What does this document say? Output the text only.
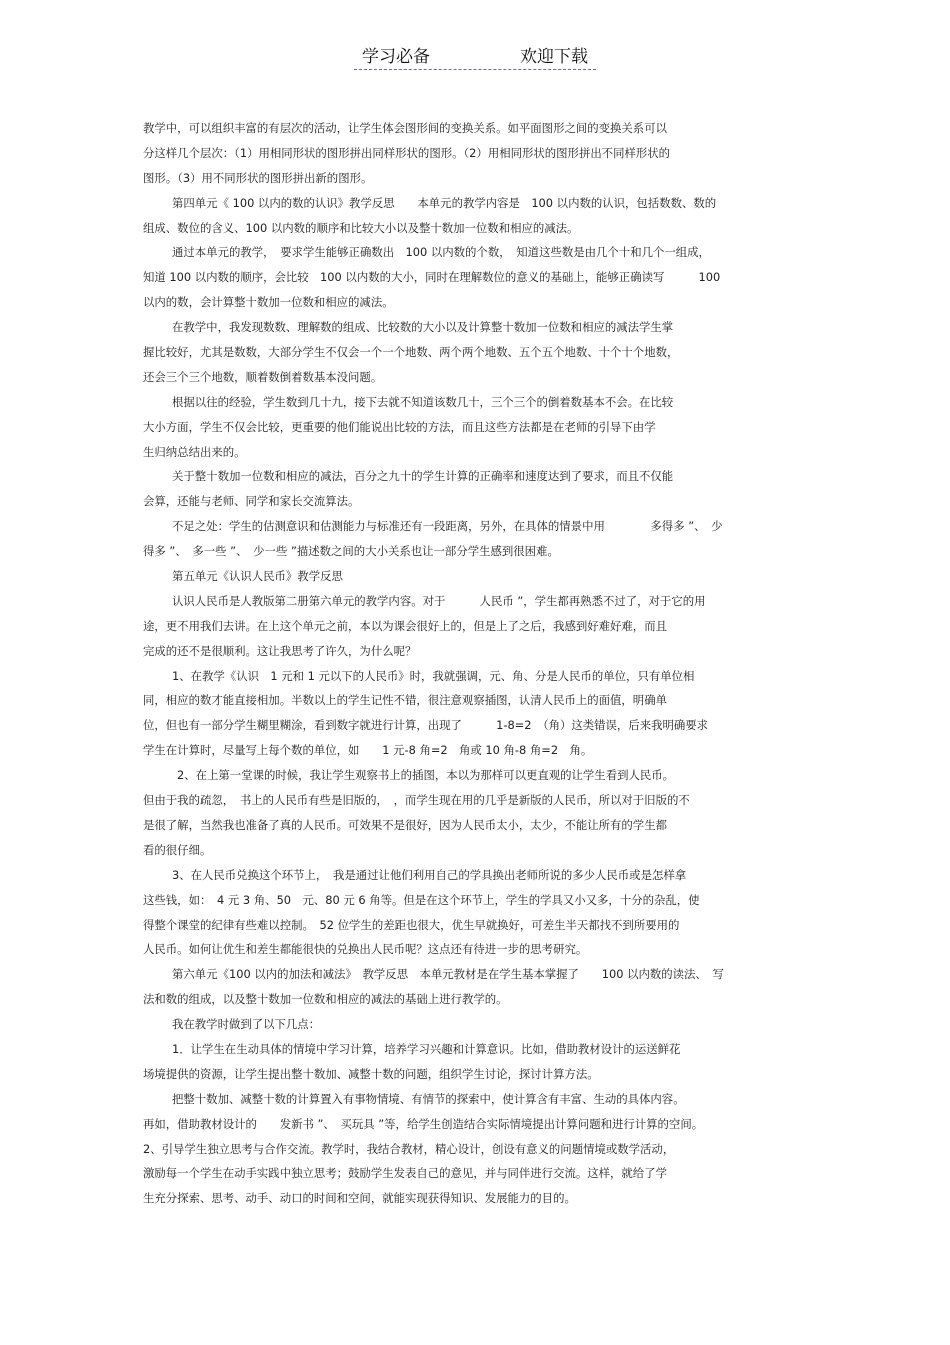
学习必备	欢迎下载
教学中，可以组织丰富的有层次的活动，让学生体会图形间的变换关系。如平面图形之间的变换关系可以
分这样几个层次：（1）用相同形状的图形拼出同样形状的图形。（2）用相同形状的图形拼出不同样形状的
图形。（3）用不同形状的图形拼出新的图形。
第四单元《 100 以内的数的认识》教学反思　　本单元的教学内容是　100 以内数的认识，包括数数、数的
组成、数位的含义、100 以内数的顺序和比较大小以及整十数加一位数和相应的减法。
通过本单元的教学，　要求学生能够正确数出　100 以内数的个数，　知道这些数是由几个十和几个一组成，
知道 100 以内数的顺序，会比较　100 以内数的大小，同时在理解数位的意义的基础上，能够正确读写　　　100
以内的数，会计算整十数加一位数和相应的减法。
在教学中，我发现数数、理解数的组成、比较数的大小以及计算整十数加一位数和相应的减法学生掌
握比较好，尤其是数数，大部分学生不仅会一个一个地数、两个两个地数、五个五个地数、十个十个地数，
还会三个三个地数，顺着数倒着数基本没问题。
根据以往的经验，学生数到几十九，接下去就不知道该数几十，三个三个的倒着数基本不会。在比较
大小方面，学生不仅会比较，更重要的他们能说出比较的方法，而且这些方法都是在老师的引导下由学
生归纳总结出来的。
关于整十数加一位数和相应的减法，百分之九十的学生计算的正确率和速度达到了要求，而且不仅能
会算，还能与老师、同学和家长交流算法。
不足之处：学生的估测意识和估测能力与标准还有一段距离，另外，在具体的情景中用　　　　多得多 ”、　少
得多 ”、　多一些 ”、　少一些 ”描述数之间的大小关系也让一部分学生感到很困难。
第五单元《认识人民币》教学反思
认识人民币是人教版第二册第六单元的教学内容。对于　　　人民币 ”，学生都再熟悉不过了，对于它的用
途，更不用我们去讲。在上这个单元之前，本以为课会很好上的，但是上了之后，我感到好难好难，而且
完成的还不是很顺利。这让我思考了许久，为什么呢？
1、在教学《认识　1 元和 1 元以下的人民币》时，我就强调，元、角、分是人民币的单位，只有单位相
同，相应的数才能直接相加。半数以上的学生记性不错，很注意观察插图，认清人民币上的面值，明确单
位，但也有一部分学生糊里糊涂，看到数字就进行计算，出现了　　　1-8=2　（角）这类错误，后来我明确要求
学生在计算时，尽量写上每个数的单位，如　　1 元-8 角=2　角或 10 角-8 角=2　角。
2、在上第一堂课的时候，我让学生观察书上的插图，本以为那样可以更直观的让学生看到人民币。
但由于我的疏忽，　书上的人民币有些是旧版的，　，而学生现在用的几乎是新版的人民币，所以对于旧版的不
是很了解，当然我也准备了真的人民币。可效果不是很好，因为人民币太小，太少，不能让所有的学生都
看的很仔细。
3、在人民币兑换这个环节上，　我是通过让他们利用自己的学具换出老师所说的多少人民币或是怎样拿
这些钱，如：　4 元 3 角、50　元、80 元 6 角等。但是在这个环节上，学生的学具又小又多，十分的杂乱，使
得整个课堂的纪律有些难以控制。　52 位学生的差距也很大，优生早就换好，可差生半天都找不到所要用的
人民币。如何让优生和差生都能很快的兑换出人民币呢？这点还有待进一步的思考研究。
第六单元《100 以内的加法和减法》　教学反思　本单元教材是在学生基本掌握了　　100 以内数的读法、　写
法和数的组成，以及整十数加一位数和相应的减法的基础上进行教学的。
我在教学时做到了以下几点：
1．让学生在生动具体的情境中学习计算，培养学习兴趣和计算意识。比如，借助教材设计的运送鲜花
场境提供的资源，让学生提出整十数加、减整十数的问题，组织学生讨论，探讨计算方法。
把整十数加、减整十数的计算置入有事物情境、有情节的探索中，使计算含有丰富、生动的具体内容。
再如，借助教材设计的　　发新书 ”、　买玩具 ”等，给学生创造结合实际情境提出计算问题和进行计算的空间。
2、引导学生独立思考与合作交流。教学时，我结合教材，精心设计，创设有意义的问题情境或数学活动，
激励每一个学生在动手实践中独立思考；鼓励学生发表自己的意见，并与同伴进行交流。这样，就给了学
生充分探索、思考、动手、动口的时间和空间，就能实现获得知识、发展能力的目的。
